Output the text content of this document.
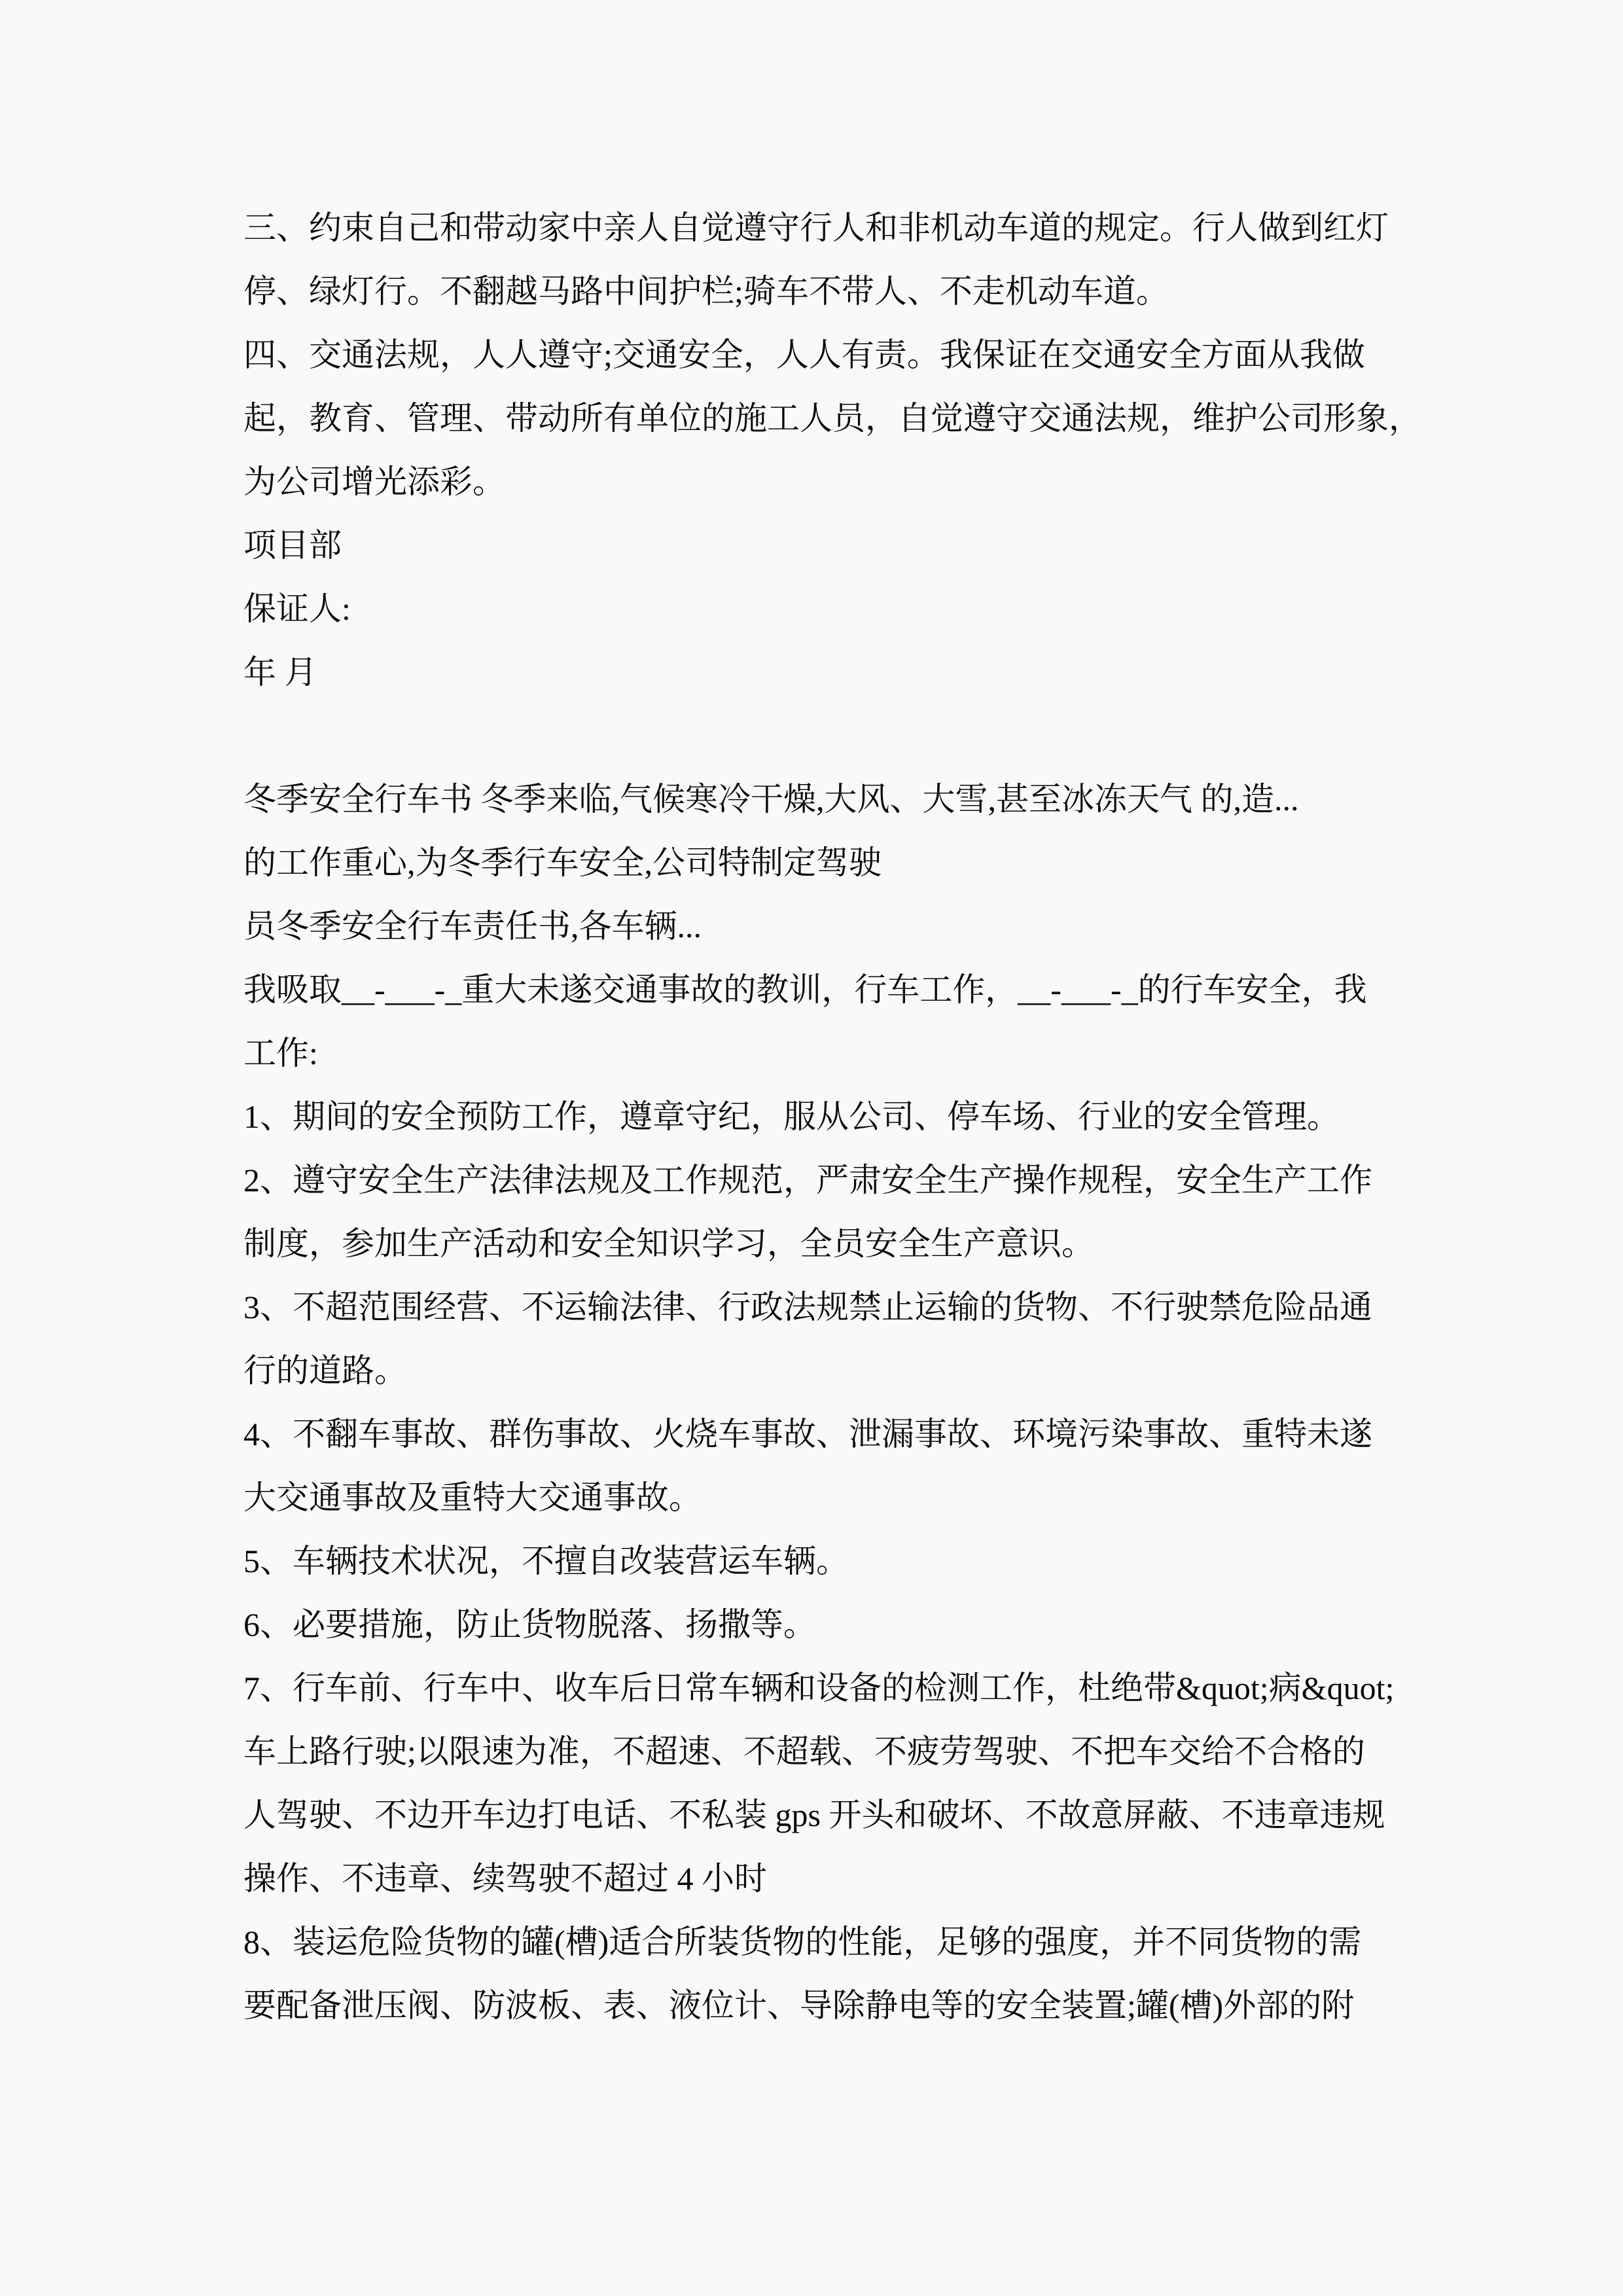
三、约束自己和带动家中亲人自觉遵守行人和非机动车道的规定。行人做到红灯
停、绿灯行。不翻越马路中间护栏;骑车不带人、不走机动车道。
四、交通法规，人人遵守;交通安全，人人有责。我保证在交通安全方面从我做
起，教育、管理、带动所有单位的施工人员，自觉遵守交通法规，维护公司形象，
为公司增光添彩。
项目部
保证人:
年 月
冬季安全行车书 冬季来临,气候寒冷干燥,大风、大雪,甚至冰冻天气 的,造...
的工作重心,为冬季行车安全,公司特制定驾驶
员冬季安全行车责任书,各车辆...
我吸取__-___-_重大未遂交通事故的教训，行车工作，__-___-_的行车安全，我
工作:
1、期间的安全预防工作，遵章守纪，服从公司、停车场、行业的安全管理。
2、遵守安全生产法律法规及工作规范，严肃安全生产操作规程，安全生产工作
制度，参加生产活动和安全知识学习，全员安全生产意识。
3、不超范围经营、不运输法律、行政法规禁止运输的货物、不行驶禁危险品通
行的道路。
4、不翻车事故、群伤事故、火烧车事故、泄漏事故、环境污染事故、重特未遂
大交通事故及重特大交通事故。
5、车辆技术状况，不擅自改装营运车辆。
6、必要措施，防止货物脱落、扬撒等。
7、行车前、行车中、收车后日常车辆和设备的检测工作，杜绝带&quot;病&quot;
车上路行驶;以限速为准，不超速、不超载、不疲劳驾驶、不把车交给不合格的
人驾驶、不边开车边打电话、不私装 gps 开头和破坏、不故意屏蔽、不违章违规
操作、不违章、续驾驶不超过 4 小时
8、装运危险货物的罐(槽)适合所装货物的性能，足够的强度，并不同货物的需
要配备泄压阀、防波板、表、液位计、导除静电等的安全装置;罐(槽)外部的附
